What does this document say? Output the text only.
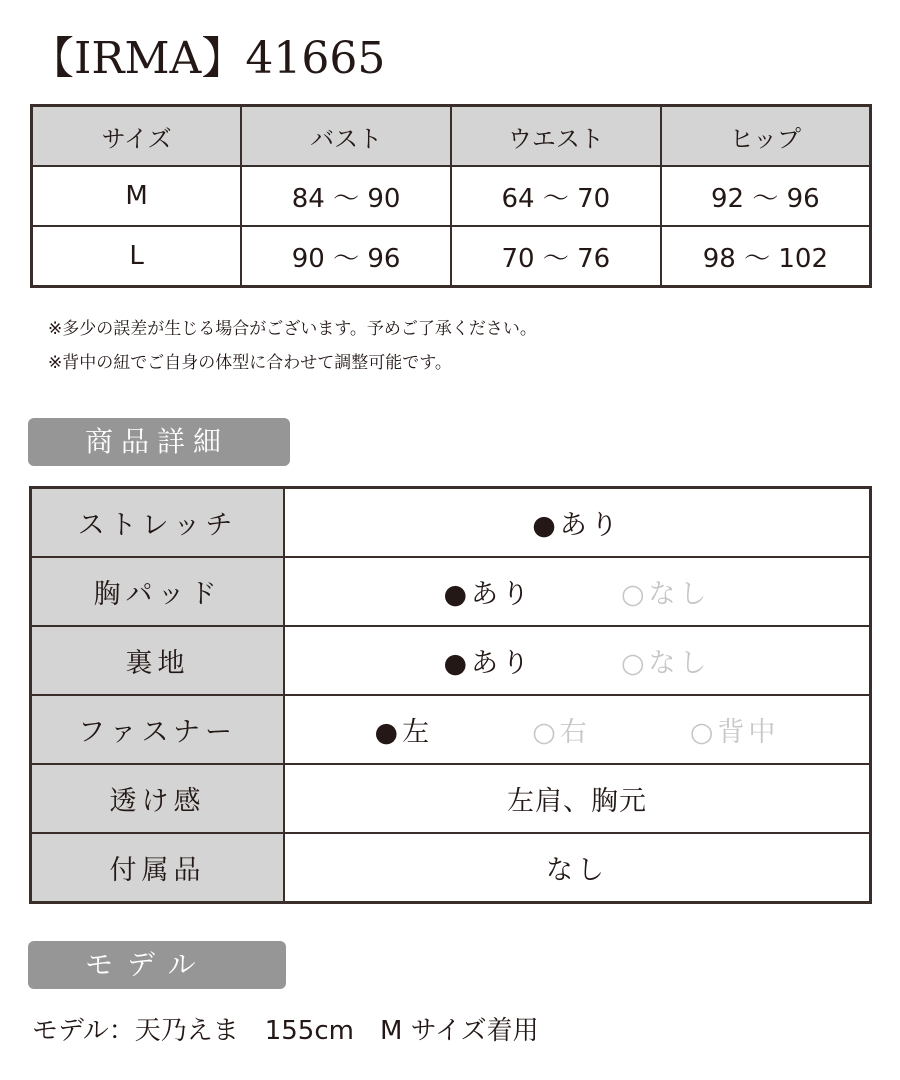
【IRMA】41665
サイズ	バスト	ウエスト	ヒップ
M	84 ～ 90	64 ～ 70	92 ～ 96
L	90 ～ 96	70 ～ 76	98 ～ 102
※多少の誤差が生じる場合がございます。予めご了承ください。
※背中の紐でご自身の体型に合わせて調整可能です。
商品詳細
ストレッチ	●あり
胸パッド	●あり ○なし

裏地	●あり ○なし

ファスナー	●左 ○右 ○背中

透け感	左肩、胸元
付属品	なし
モデル
モデル：天乃えま　155cm　M サイズ着用
